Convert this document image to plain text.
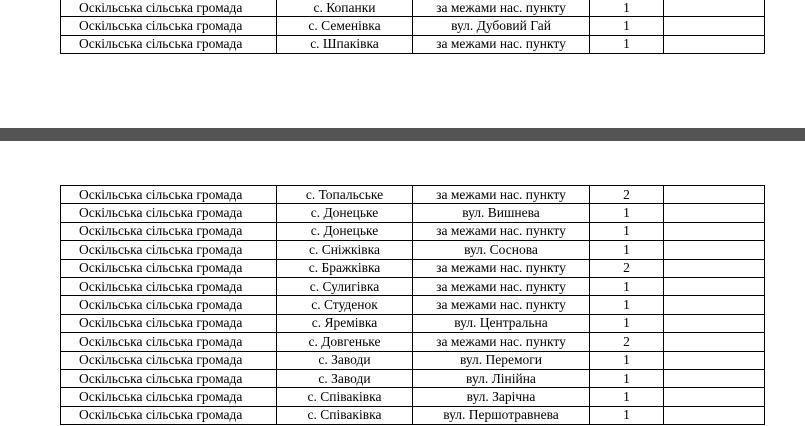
Оскільська сільська громада	с. Копанки	за межами нас. пункту	1	
Оскільська сільська громада	с. Семенівка	вул. Дубовий Гай	1	
Оскільська сільська громада	с. Шпаківка	за межами нас. пункту	1	
Оскільська сільська громада	с. Топальське	за межами нас. пункту	2	
Оскільська сільська громада	с. Донецьке	вул. Вишнева	1	
Оскільська сільська громада	с. Донецьке	за межами нас. пункту	1	
Оскільська сільська громада	с. Сніжківка	вул. Соснова	1	
Оскільська сільська громада	с. Бражківка	за межами нас. пункту	2	
Оскільська сільська громада	с. Сулигівка	за межами нас. пункту	1	
Оскільська сільська громада	с. Студенок	за межами нас. пункту	1	
Оскільська сільська громада	с. Яремівка	вул. Центральна	1	
Оскільська сільська громада	с. Довгеньке	за межами нас. пункту	2	
Оскільська сільська громада	с. Заводи	вул. Перемоги	1	
Оскільська сільська громада	с. Заводи	вул. Лінійна	1	
Оскільська сільська громада	с. Співаківка	вул. Зарічна	1	
Оскільська сільська громада	с. Співаківка	вул. Першотравнева	1	
